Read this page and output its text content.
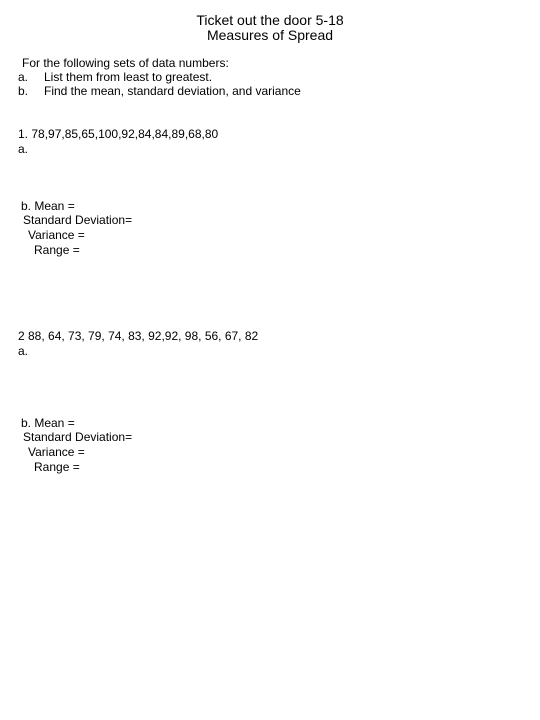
Ticket out the door 5-18
Measures of Spread
For the following sets of data numbers:
a. List them from least to greatest.
b. Find the mean, standard deviation, and variance
1. 78,97,85,65,100,92,84,84,89,68,80
a.
b. Mean =
Standard Deviation=
Variance =
Range =
2 88, 64, 73, 79, 74, 83, 92,92, 98, 56, 67, 82
a.
b. Mean =
Standard Deviation=
Variance =
Range =
